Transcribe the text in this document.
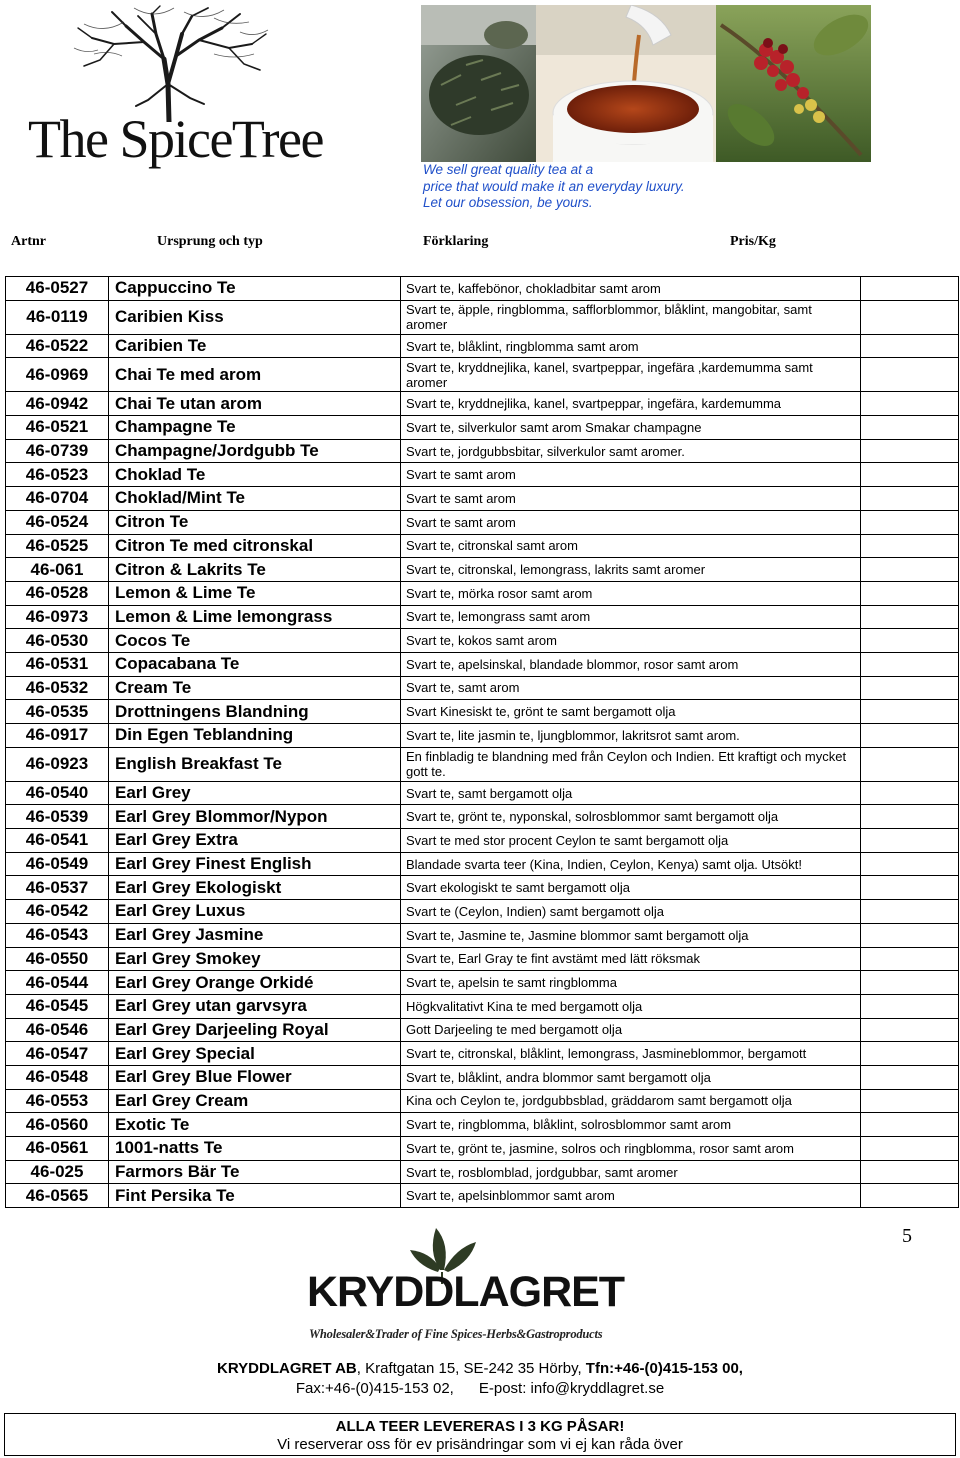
The SpiceTree
We sell great quality tea at a
price that would make it an everyday luxury.
Let our obsession, be yours.
Artnr	Ursprung och typ	Förklaring	Pris/Kg
46-0527	Cappuccino Te	Svart te, kaffebönor, chokladbitar samt arom	
46-0119	Caribien Kiss	Svart te, äpple, ringblomma, safflorblommor, blåklint, mangobitar, samt aromer	
46-0522	Caribien Te	Svart te, blåklint, ringblomma samt arom	
46-0969	Chai Te med arom	Svart te, kryddnejlika, kanel, svartpeppar, ingefära ,kardemumma samt aromer	
46-0942	Chai Te utan arom	Svart te, kryddnejlika, kanel, svartpeppar, ingefära, kardemumma	
46-0521	Champagne Te	Svart te, silverkulor samt arom Smakar champagne	
46-0739	Champagne/Jordgubb Te	Svart te, jordgubbsbitar, silverkulor samt aromer.	
46-0523	Choklad Te	Svart te samt arom	
46-0704	Choklad/Mint Te	Svart te samt arom	
46-0524	Citron Te	Svart te samt arom	
46-0525	Citron Te med citronskal	Svart te, citronskal samt arom	
46-061	Citron & Lakrits Te	Svart te, citronskal, lemongrass, lakrits samt aromer	
46-0528	Lemon & Lime Te	Svart te, mörka rosor samt arom	
46-0973	Lemon & Lime lemongrass	Svart te, lemongrass samt arom	
46-0530	Cocos Te	Svart te, kokos samt arom	
46-0531	Copacabana Te	Svart te, apelsinskal, blandade blommor, rosor samt arom	
46-0532	Cream Te	Svart te, samt arom	
46-0535	Drottningens Blandning	Svart Kinesiskt te, grönt te samt bergamott olja	
46-0917	Din Egen Teblandning	Svart te, lite jasmin te, ljungblommor, lakritsrot samt arom.	
46-0923	English Breakfast Te	En finbladig te blandning med från Ceylon och Indien. Ett kraftigt och mycket gott te.	
46-0540	Earl Grey	Svart te, samt bergamott olja	
46-0539	Earl Grey Blommor/Nypon	Svart te, grönt te, nyponskal, solrosblommor samt bergamott olja	
46-0541	Earl Grey Extra	Svart te med stor procent Ceylon te samt bergamott olja	
46-0549	Earl Grey Finest English	Blandade svarta teer (Kina, Indien, Ceylon, Kenya) samt olja. Utsökt!	
46-0537	Earl Grey Ekologiskt	Svart ekologiskt te samt bergamott olja	
46-0542	Earl Grey Luxus	Svart te (Ceylon, Indien) samt bergamott olja	
46-0543	Earl Grey Jasmine	Svart te, Jasmine te, Jasmine blommor samt bergamott olja	
46-0550	Earl Grey Smokey	Svart te, Earl Gray te fint avstämt med lätt röksmak	
46-0544	Earl Grey Orange Orkidé	Svart te, apelsin te samt ringblomma	
46-0545	Earl Grey utan garvsyra	Högkvalitativt Kina te med bergamott olja	
46-0546	Earl Grey Darjeeling Royal	Gott Darjeeling te med bergamott olja	
46-0547	Earl Grey Special	Svart te, citronskal, blåklint, lemongrass, Jasmineblommor, bergamott	
46-0548	Earl Grey Blue Flower	Svart te, blåklint, andra blommor samt bergamott olja	
46-0553	Earl Grey Cream	Kina och Ceylon te, jordgubbsblad, gräddarom samt bergamott olja	
46-0560	Exotic Te	Svart te, ringblomma, blåklint, solrosblommor samt arom	
46-0561	1001-natts Te	Svart te, grönt te, jasmine, solros och ringblomma, rosor samt arom	
46-025	Farmors Bär Te	Svart te, rosblomblad, jordgubbar, samt aromer	
46-0565	Fint Persika Te	Svart te, apelsinblommor samt arom	
5
KRYDDLAGRET
Wholesaler&Trader of Fine Spices-Herbs&Gastroproducts
KRYDDLAGRET AB, Kraftgatan 15, SE-242 35 Hörby, Tfn:+46-(0)415-153 00,
Fax:+46-(0)415-153 02,      E-post: info@kryddlagret.se
ALLA TEER LEVERERAS I 3 KG PÅSAR!
Vi reserverar oss för ev prisändringar som vi ej kan råda över
